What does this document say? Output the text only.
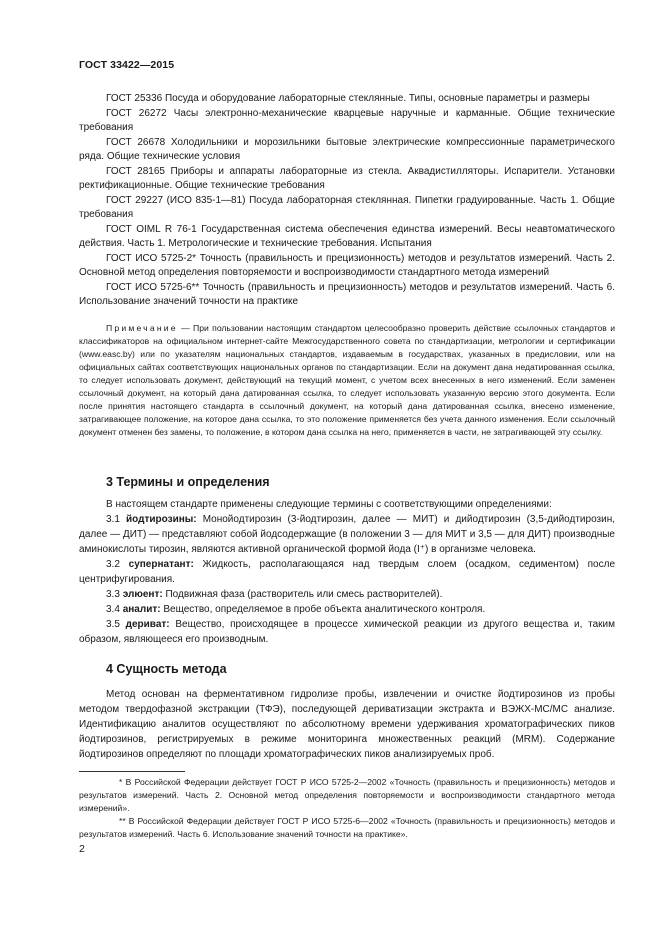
ГОСТ 33422—2015

ГОСТ 25336 Посуда и оборудование лабораторные стеклянные. Типы, основные параметры и размеры

ГОСТ 26272 Часы электронно-механические кварцевые наручные и карманные. Общие технические требования

ГОСТ 26678 Холодильники и морозильники бытовые электрические компрессионные параметрического ряда. Общие технические условия

ГОСТ 28165 Приборы и аппараты лабораторные из стекла. Аквадистилляторы. Испарители. Установки ректификационные. Общие технические требования

ГОСТ 29227 (ИСО 835-1—81) Посуда лабораторная стеклянная. Пипетки градуированные. Часть 1. Общие требования

ГОСТ OIML R 76-1 Государственная система обеспечения единства измерений. Весы неавтоматического действия. Часть 1. Метрологические и технические требования. Испытания

ГОСТ ИСО 5725-2* Точность (правильность и прецизионность) методов и результатов измерений. Часть 2. Основной метод определения повторяемости и воспроизводимости стандартного метода измерений

ГОСТ ИСО 5725-6** Точность (правильность и прецизионность) методов и результатов измерений. Часть 6. Использование значений точности на практике

Примечание — При пользовании настоящим стандартом целесообразно проверить действие ссылочных стандартов и классификаторов на официальном интернет-сайте Межгосударственного совета по стандартизации, метрологии и сертификации (www.easc.by) или по указателям национальных стандартов, издаваемым в государствах, указанных в предисловии, или на официальных сайтах соответствующих национальных органов по стандартизации. Если на документ дана недатированная ссылка, то следует использовать документ, действующий на текущий момент, с учетом всех внесенных в него изменений. Если заменен ссылочный документ, на который дана датированная ссылка, то следует использовать указанную версию этого документа. Если после принятия настоящего стандарта в ссылочный документ, на который дана датированная ссылка, внесено изменение, затрагивающее положение, на которое дана ссылка, то это положение применяется без учета данного изменения. Если ссылочный документ отменен без замены, то положение, в котором дана ссылка на него, применяется в части, не затрагивающей эту ссылку.

3 Термины и определения

В настоящем стандарте применены следующие термины с соответствующими определениями:

3.1 йодтирозины: Монойодтирозин (3-йодтирозин, далее — МИТ) и дийодтирозин (3,5-дийодтирозин, далее — ДИТ) — представляют собой йодсодержащие (в положении 3 — для МИТ и 3,5 — для ДИТ) производные аминокислоты тирозин, являются активной органической формой йода (I⁺) в организме человека.

3.2 супернатант: Жидкость, располагающаяся над твердым слоем (осадком, седиментом) после центрифугирования.

3.3 элюент: Подвижная фаза (растворитель или смесь растворителей).

3.4 аналит: Вещество, определяемое в пробе объекта аналитического контроля.

3.5 дериват: Вещество, происходящее в процессе химической реакции из другого вещества и, таким образом, являющееся его производным.

4 Сущность метода

Метод основан на ферментативном гидролизе пробы, извлечении и очистке йодтирозинов из пробы методом твердофазной экстракции (ТФЭ), последующей дериватизации экстракта и ВЭЖХ-МС/МС анализе. Идентификацию аналитов осуществляют по абсолютному времени удерживания хроматографических пиков йодтирозинов, регистрируемых в режиме мониторинга множественных реакций (MRM). Содержание йодтирозинов определяют по площади хроматографических пиков анализируемых проб.

* В Российской Федерации действует ГОСТ Р ИСО 5725-2—2002 «Точность (правильность и прецизионность) методов и результатов измерений. Часть 2. Основной метод определения повторяемости и воспроизводимости стандартного метода измерений».

** В Российской Федерации действует ГОСТ Р ИСО 5725-6—2002 «Точность (правильность и прецизионность) методов и результатов измерений. Часть 6. Использование значений точности на практике».

2
